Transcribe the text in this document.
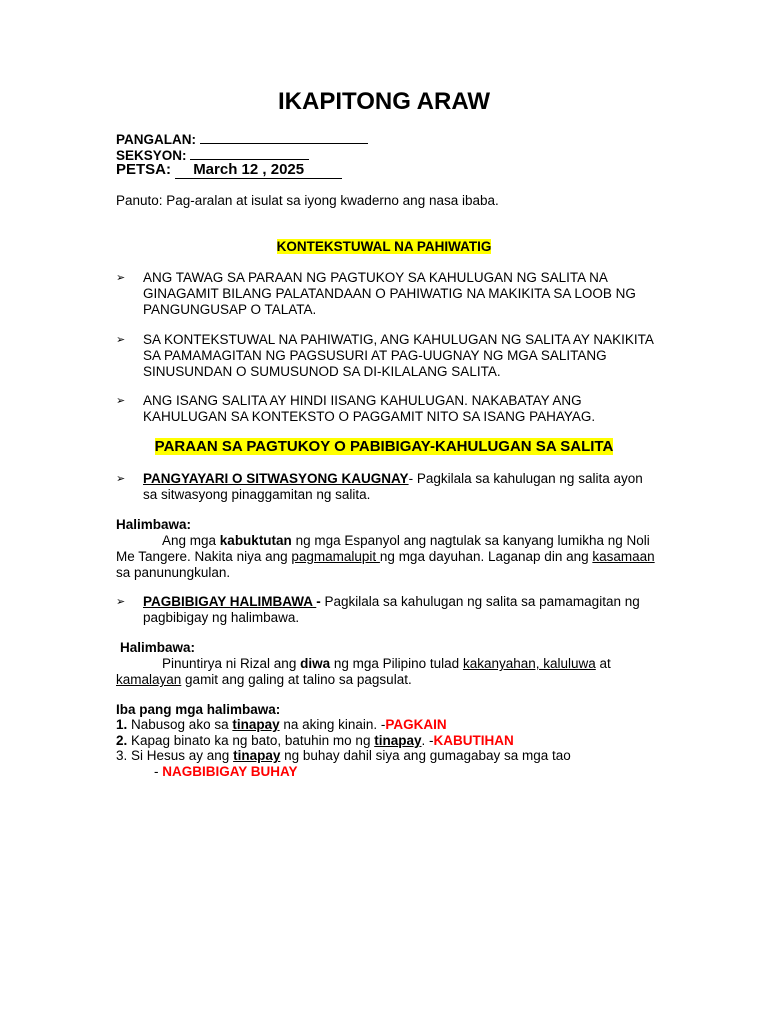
IKAPITONG ARAW
PANGALAN:
SEKSYON:
PETSA: March 12 , 2025
Panuto: Pag-aralan at isulat sa iyong kwaderno ang nasa ibaba.
KONTEKSTUWAL NA PAHIWATIG
➢ ANG TAWAG SA PARAAN NG PAGTUKOY SA KAHULUGAN NG SALITA NA GINAGAMIT BILANG PALATANDAAN O PAHIWATIG NA MAKIKITA SA LOOB NG PANGUNGUSAP O TALATA.
➢ SA KONTEKSTUWAL NA PAHIWATIG, ANG KAHULUGAN NG SALITA AY NAKIKITA SA PAMAMAGITAN NG PAGSUSURI AT PAG-UUGNAY NG MGA SALITANG SINUSUNDAN O SUMUSUNOD SA DI-KILALANG SALITA.
➢ ANG ISANG SALITA AY HINDI IISANG KAHULUGAN. NAKABATAY ANG KAHULUGAN SA KONTEKSTO O PAGGAMIT NITO SA ISANG PAHAYAG.
PARAAN SA PAGTUKOY O PABIBIGAY-KAHULUGAN SA SALITA
➢ PANGYAYARI O SITWASYONG KAUGNAY- Pagkilala sa kahulugan ng salita ayon sa sitwasyong pinaggamitan ng salita.
Halimbawa:
Ang mga kabuktutan ng mga Espanyol ang nagtulak sa kanyang lumikha ng Noli Me Tangere. Nakita niya ang pagmamalupit ng mga dayuhan. Laganap din ang kasamaan sa panunungkulan.
➢ PAGBIBIGAY HALIMBAWA - Pagkilala sa kahulugan ng salita sa pamamagitan ng pagbibigay ng halimbawa.
Halimbawa:
Pinuntirya ni Rizal ang diwa ng mga Pilipino tulad kakanyahan, kaluluwa at kamalayan gamit ang galing at talino sa pagsulat.
Iba pang mga halimbawa:
1. Nabusog ako sa tinapay na aking kinain. -PAGKAIN
2. Kapag binato ka ng bato, batuhin mo ng tinapay. -KABUTIHAN
3. Si Hesus ay ang tinapay ng buhay dahil siya ang gumagabay sa mga tao
- NAGBIBIGAY BUHAY
